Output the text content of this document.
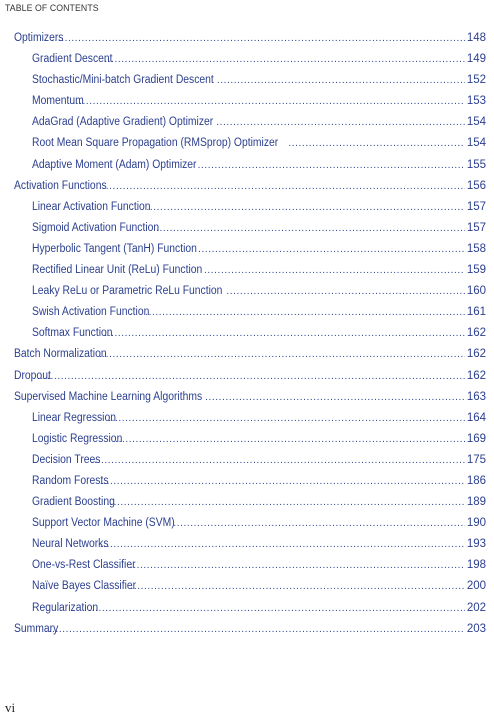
TABLE OF CONTENTS
Optimizers .....	148
Gradient Descent .....	149
Stochastic/Mini-batch Gradient Descent .....	152
Momentum .....	153
AdaGrad (Adaptive Gradient) Optimizer .....	154
Root Mean Square Propagation (RMSprop) Optimizer .....	154
Adaptive Moment (Adam) Optimizer .....	155
Activation Functions .....	156
Linear Activation Function .....	157
Sigmoid Activation Function .....	157
Hyperbolic Tangent (TanH) Function .....	158
Rectified Linear Unit (ReLu) Function .....	159
Leaky ReLu or Parametric ReLu Function .....	160
Swish Activation Function .....	161
Softmax Function .....	162
Batch Normalization .....	162
Dropout .....	162
Supervised Machine Learning Algorithms .....	163
Linear Regression .....	164
Logistic Regression .....	169
Decision Trees .....	175
Random Forests .....	186
Gradient Boosting .....	189
Support Vector Machine (SVM) .....	190
Neural Networks .....	193
One-vs-Rest Classifier .....	198
Naïve Bayes Classifier .....	200
Regularization .....	202
Summary .....	203
vi
